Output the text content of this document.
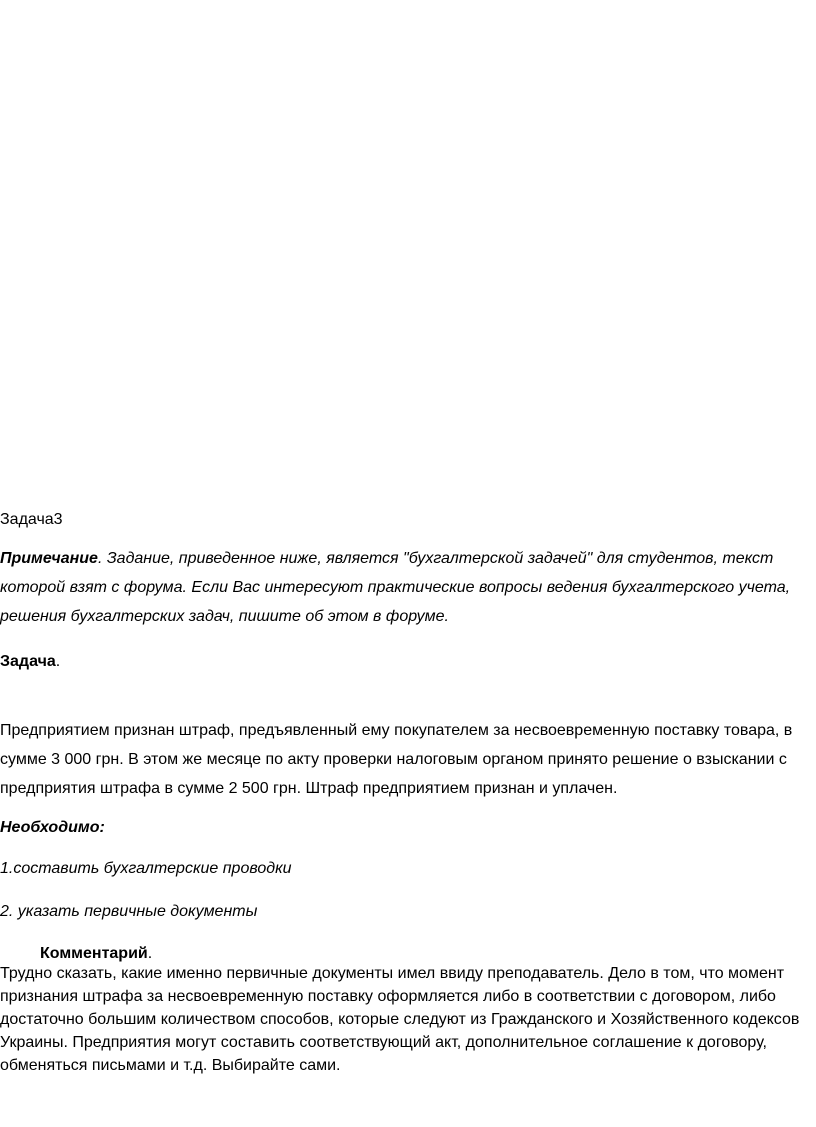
Задача3
Примечание. Задание, приведенное ниже, является "бухгалтерской задачей" для студентов, текст которой взят с форума. Если Вас интересуют практические вопросы ведения бухгалтерского учета, решения бухгалтерских задач, пишите об этом в форуме.
Задача.
Предприятием признан штраф, предъявленный ему покупателем за несвоевременную поставку товара, в сумме 3 000 грн. В этом же месяце по акту проверки налоговым органом принято решение о взыскании с предприятия штрафа в сумме 2 500 грн. Штраф предприятием признан и уплачен.
Необходимо:
1.составить бухгалтерские проводки
2. указать первичные документы
Комментарий.
Трудно сказать, какие именно первичные документы имел ввиду преподаватель. Дело в том, что момент признания штрафа за несвоевременную поставку оформляется либо в соответствии с договором, либо достаточно большим количеством способов, которые следуют из Гражданского и Хозяйственного кодексов Украины. Предприятия могут составить соответствующий акт, дополнительное соглашение к договору, обменяться письмами и т.д. Выбирайте сами.
